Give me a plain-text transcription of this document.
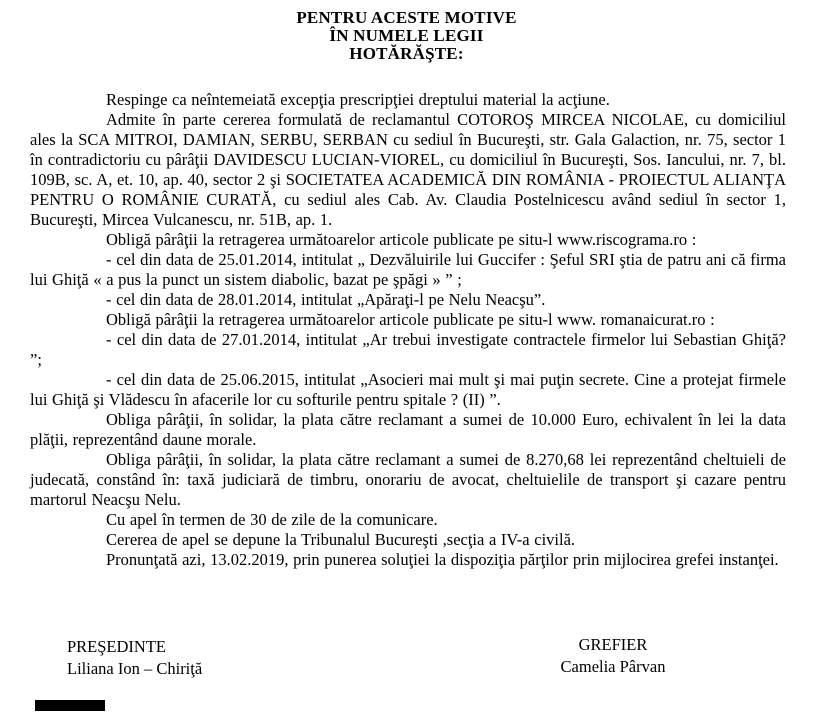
PENTRU ACESTE MOTIVE
ÎN NUMELE LEGII
HOTĂRĂŞTE:

Respinge ca neîntemeiată excepţia prescripţiei dreptului material la acţiune.

Admite în parte cererea formulată de reclamantul COTOROŞ MIRCEA NICOLAE, cu domiciliul ales la SCA MITROI, DAMIAN, SERBU, SERBAN cu sediul în Bucureşti, str. Gala Galaction, nr. 75, sector 1 în contradictoriu cu pârâţii DAVIDESCU LUCIAN-VIOREL, cu domiciliul în Bucureşti, Sos. Iancului, nr. 7, bl. 109B, sc. A, et. 10, ap. 40, sector 2 şi SOCIETATEA ACADEMICĂ DIN ROMÂNIA - PROIECTUL ALIANŢA PENTRU O ROMÂNIE CURATĂ, cu sediul ales Cab. Av. Claudia Postelnicescu având sediul în sector 1, Bucureşti, Mircea Vulcanescu, nr. 51B, ap. 1.

Obligă pârâţii la retragerea următoarelor articole publicate pe situ-l www.riscograma.ro :

- cel din data de 25.01.2014, intitulat „ Dezvăluirile lui Guccifer : Şeful SRI ştia de patru ani că firma lui Ghiţă « a pus la punct un sistem diabolic, bazat pe şpăgi » ” ;

- cel din data de 28.01.2014, intitulat „Apăraţi-l pe Nelu Neacşu”.

Obligă pârâţii la retragerea următoarelor articole publicate pe situ-l www. romanaicurat.ro :

- cel din data de 27.01.2014, intitulat „Ar trebui investigate contractele firmelor lui Sebastian Ghiţă? ”;

- cel din data de 25.06.2015, intitulat „Asocieri mai mult şi mai puţin secrete. Cine a protejat firmele lui Ghiţă şi Vlădescu în afacerile lor cu softurile pentru spitale ? (II) ”.

Obliga pârâţii, în solidar, la plata către reclamant a sumei de 10.000 Euro, echivalent în lei la data plăţii, reprezentând daune morale.

Obliga pârâţii, în solidar, la plata către reclamant a sumei de 8.270,68 lei reprezentând cheltuieli de judecată, constând în: taxă judiciară de timbru, onorariu de avocat, cheltuielile de transport şi cazare pentru martorul Neacşu Nelu.

Cu apel în termen de 30 de zile de la comunicare.

Cererea de apel se depune la Tribunalul Bucureşti ,secţia a IV-a civilă.

Pronunţată azi, 13.02.2019, prin punerea soluţiei la dispoziţia părţilor prin mijlocirea grefei instanţei.

PREŞEDINTE
Liliana Ion – Chiriţă
GREFIER
Camelia Pârvan
